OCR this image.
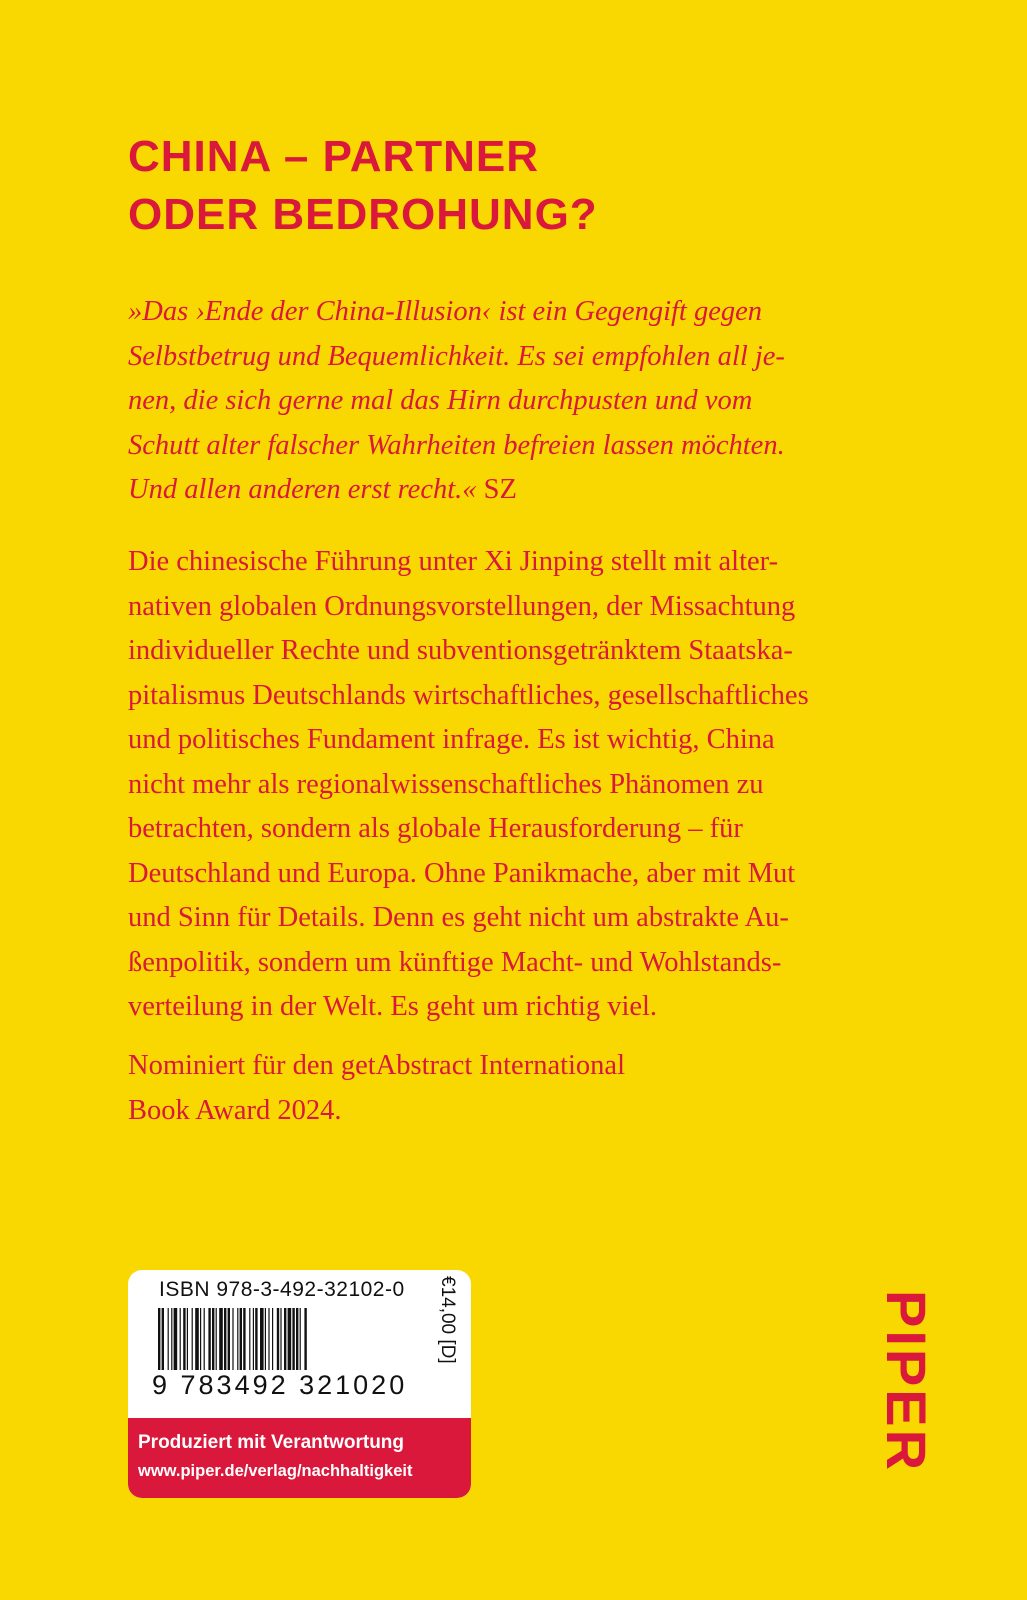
CHINA – PARTNER
ODER BEDROHUNG?

»Das ›Ende der China-Illusion‹ ist ein Gegengift gegen
Selbstbetrug und Bequemlichkeit. Es sei empfohlen all je-
nen, die sich gerne mal das Hirn durchpusten und vom
Schutt alter falscher Wahrheiten befreien lassen möchten.
Und allen anderen erst recht.« SZ

Die chinesische Führung unter Xi Jinping stellt mit alter-
nativen globalen Ordnungsvorstellungen, der Missachtung
individueller Rechte und subventionsgetränktem Staatska-
pitalismus Deutschlands wirtschaftliches, gesellschaftliches
und politisches Fundament infrage. Es ist wichtig, China
nicht mehr als regionalwissenschaftliches Phänomen zu
betrachten, sondern als globale Herausforderung – für
Deutschland und Europa. Ohne Panikmache, aber mit Mut
und Sinn für Details. Denn es geht nicht um abstrakte Au-
ßenpolitik, sondern um künftige Macht- und Wohlstands-
verteilung in der Welt. Es geht um richtig viel.

Nominiert für den getAbstract International
Book Award 2024.

ISBN 978-3-492-32102-0
9 783492 321020
€14,00 [D]
Produziert mit Verantwortung
www.piper.de/verlag/nachhaltigkeit	PIPER
